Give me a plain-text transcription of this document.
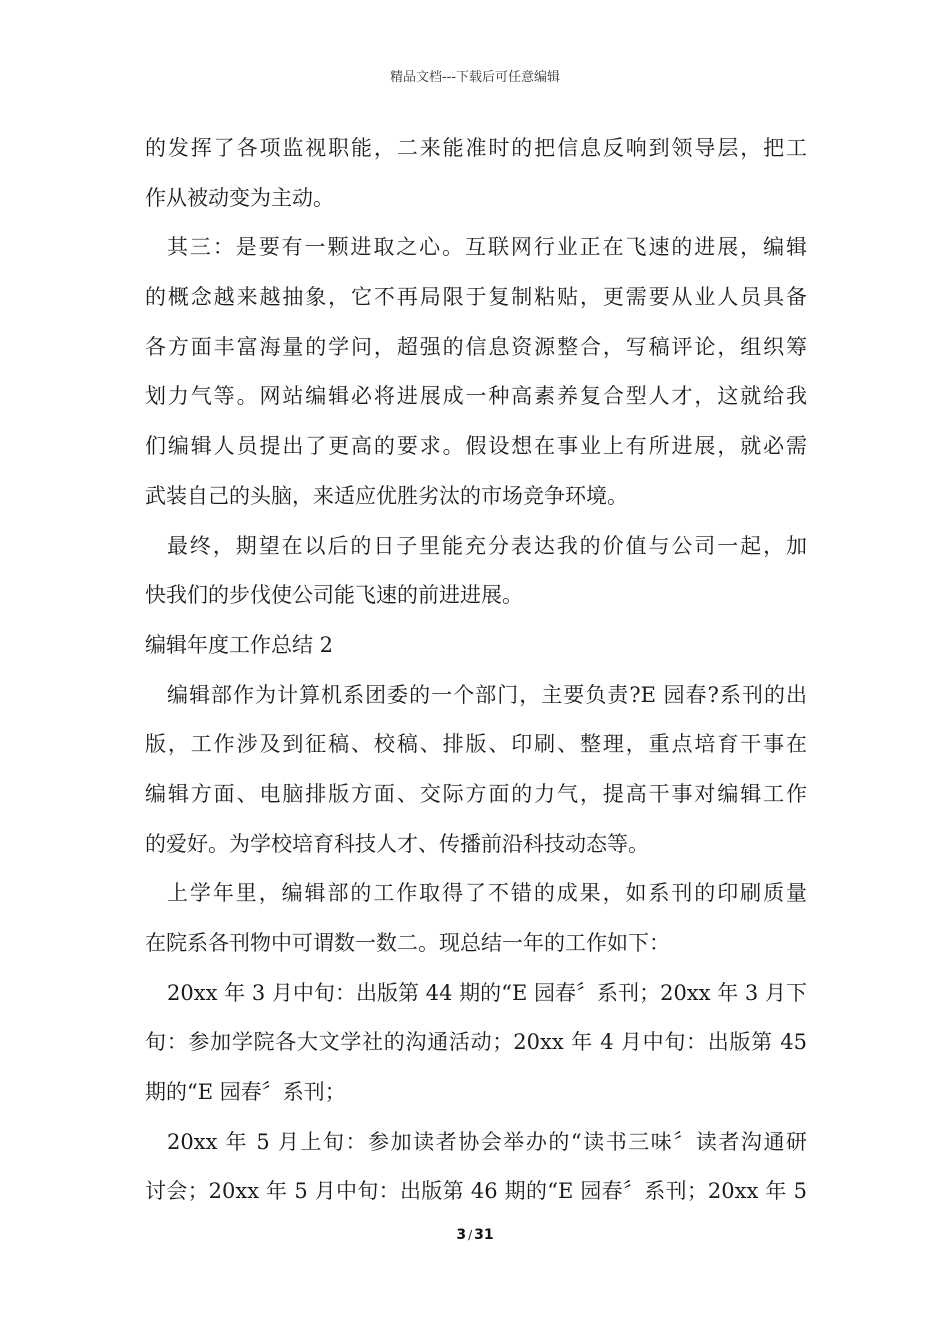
精品文档---下载后可任意编辑
的发挥了各项监视职能，二来能准时的把信息反响到领导层，把工
作从被动变为主动。
其三：是要有一颗进取之心。互联网行业正在飞速的进展，编辑
的概念越来越抽象，它不再局限于复制粘贴，更需要从业人员具备
各方面丰富海量的学问，超强的信息资源整合，写稿评论，组织筹
划力气等。网站编辑必将进展成一种高素养复合型人才，这就给我
们编辑人员提出了更高的要求。假设想在事业上有所进展，就必需
武装自己的头脑，来适应优胜劣汰的市场竞争环境。
最终，期望在以后的日子里能充分表达我的价值与公司一起，加
快我们的步伐使公司能飞速的前进进展。
编辑年度工作总结 2
编辑部作为计算机系团委的一个部门，主要负责?E 园春?系刊的出
版，工作涉及到征稿、校稿、排版、印刷、整理，重点培育干事在
编辑方面、电脑排版方面、交际方面的力气，提高干事对编辑工作
的爱好。为学校培育科技人才、传播前沿科技动态等。
上学年里，编辑部的工作取得了不错的成果，如系刊的印刷质量
在院系各刊物中可谓数一数二。现总结一年的工作如下：
20xx 年 3 月中旬：出版第 44 期的“E 园春〞系刊；20xx 年 3 月下
旬：参加学院各大文学社的沟通活动；20xx 年 4 月中旬：出版第 45
期的“E 园春〞系刊；
20xx 年 5 月上旬：参加读者协会举办的“读书三味〞读者沟通研
讨会；20xx 年 5 月中旬：出版第 46 期的“E 园春〞系刊；20xx 年 5
3 / 31
